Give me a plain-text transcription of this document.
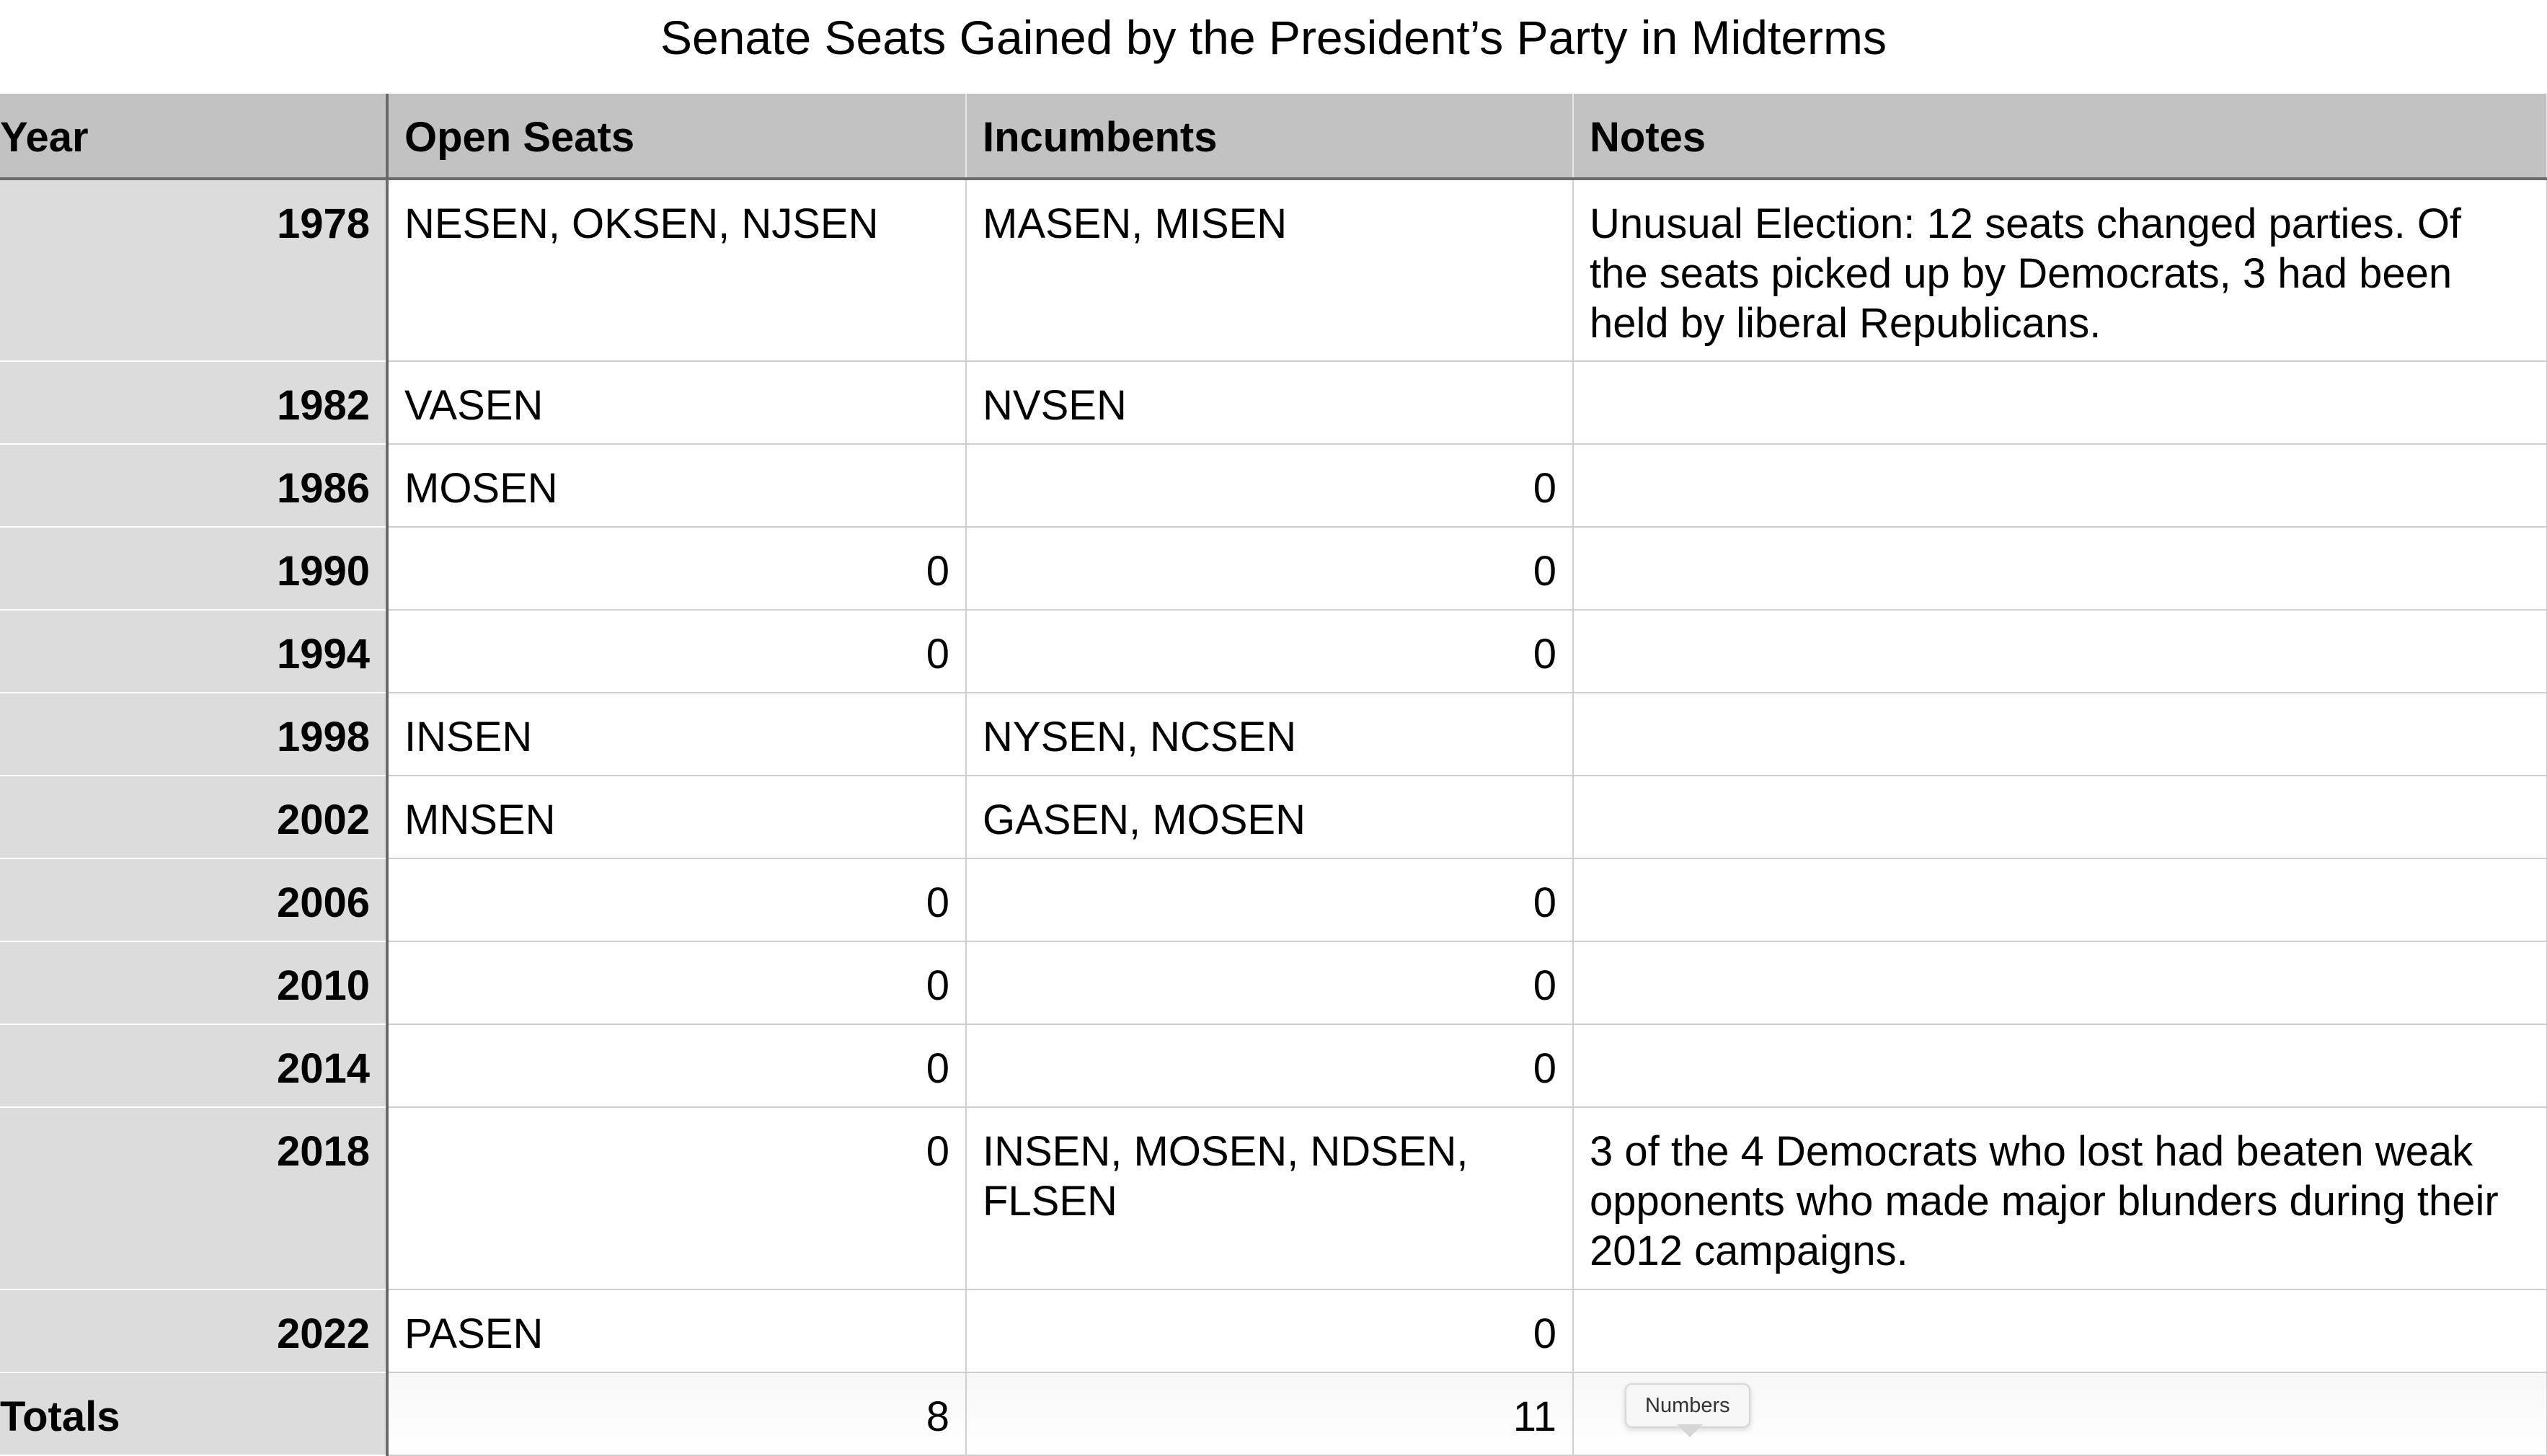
Senate Seats Gained by the President’s Party in Midterms
Year	Open Seats	Incumbents	Notes
1978	NESEN, OKSEN, NJSEN	MASEN, MISEN	Unusual Election: 12 seats changed parties. Of the seats picked up by Democrats, 3 had been held by liberal Republicans.
1982	VASEN	NVSEN	
1986	MOSEN	0	
1990	0	0	
1994	0	0	
1998	INSEN	NYSEN, NCSEN	
2002	MNSEN	GASEN, MOSEN	
2006	0	0	
2010	0	0	
2014	0	0	
2018	0	INSEN, MOSEN, NDSEN, FLSEN	3 of the 4 Democrats who lost had beaten weak opponents who made major blunders during their 2012 campaigns.
2022	PASEN	0	
Totals	8	11		Numbers
